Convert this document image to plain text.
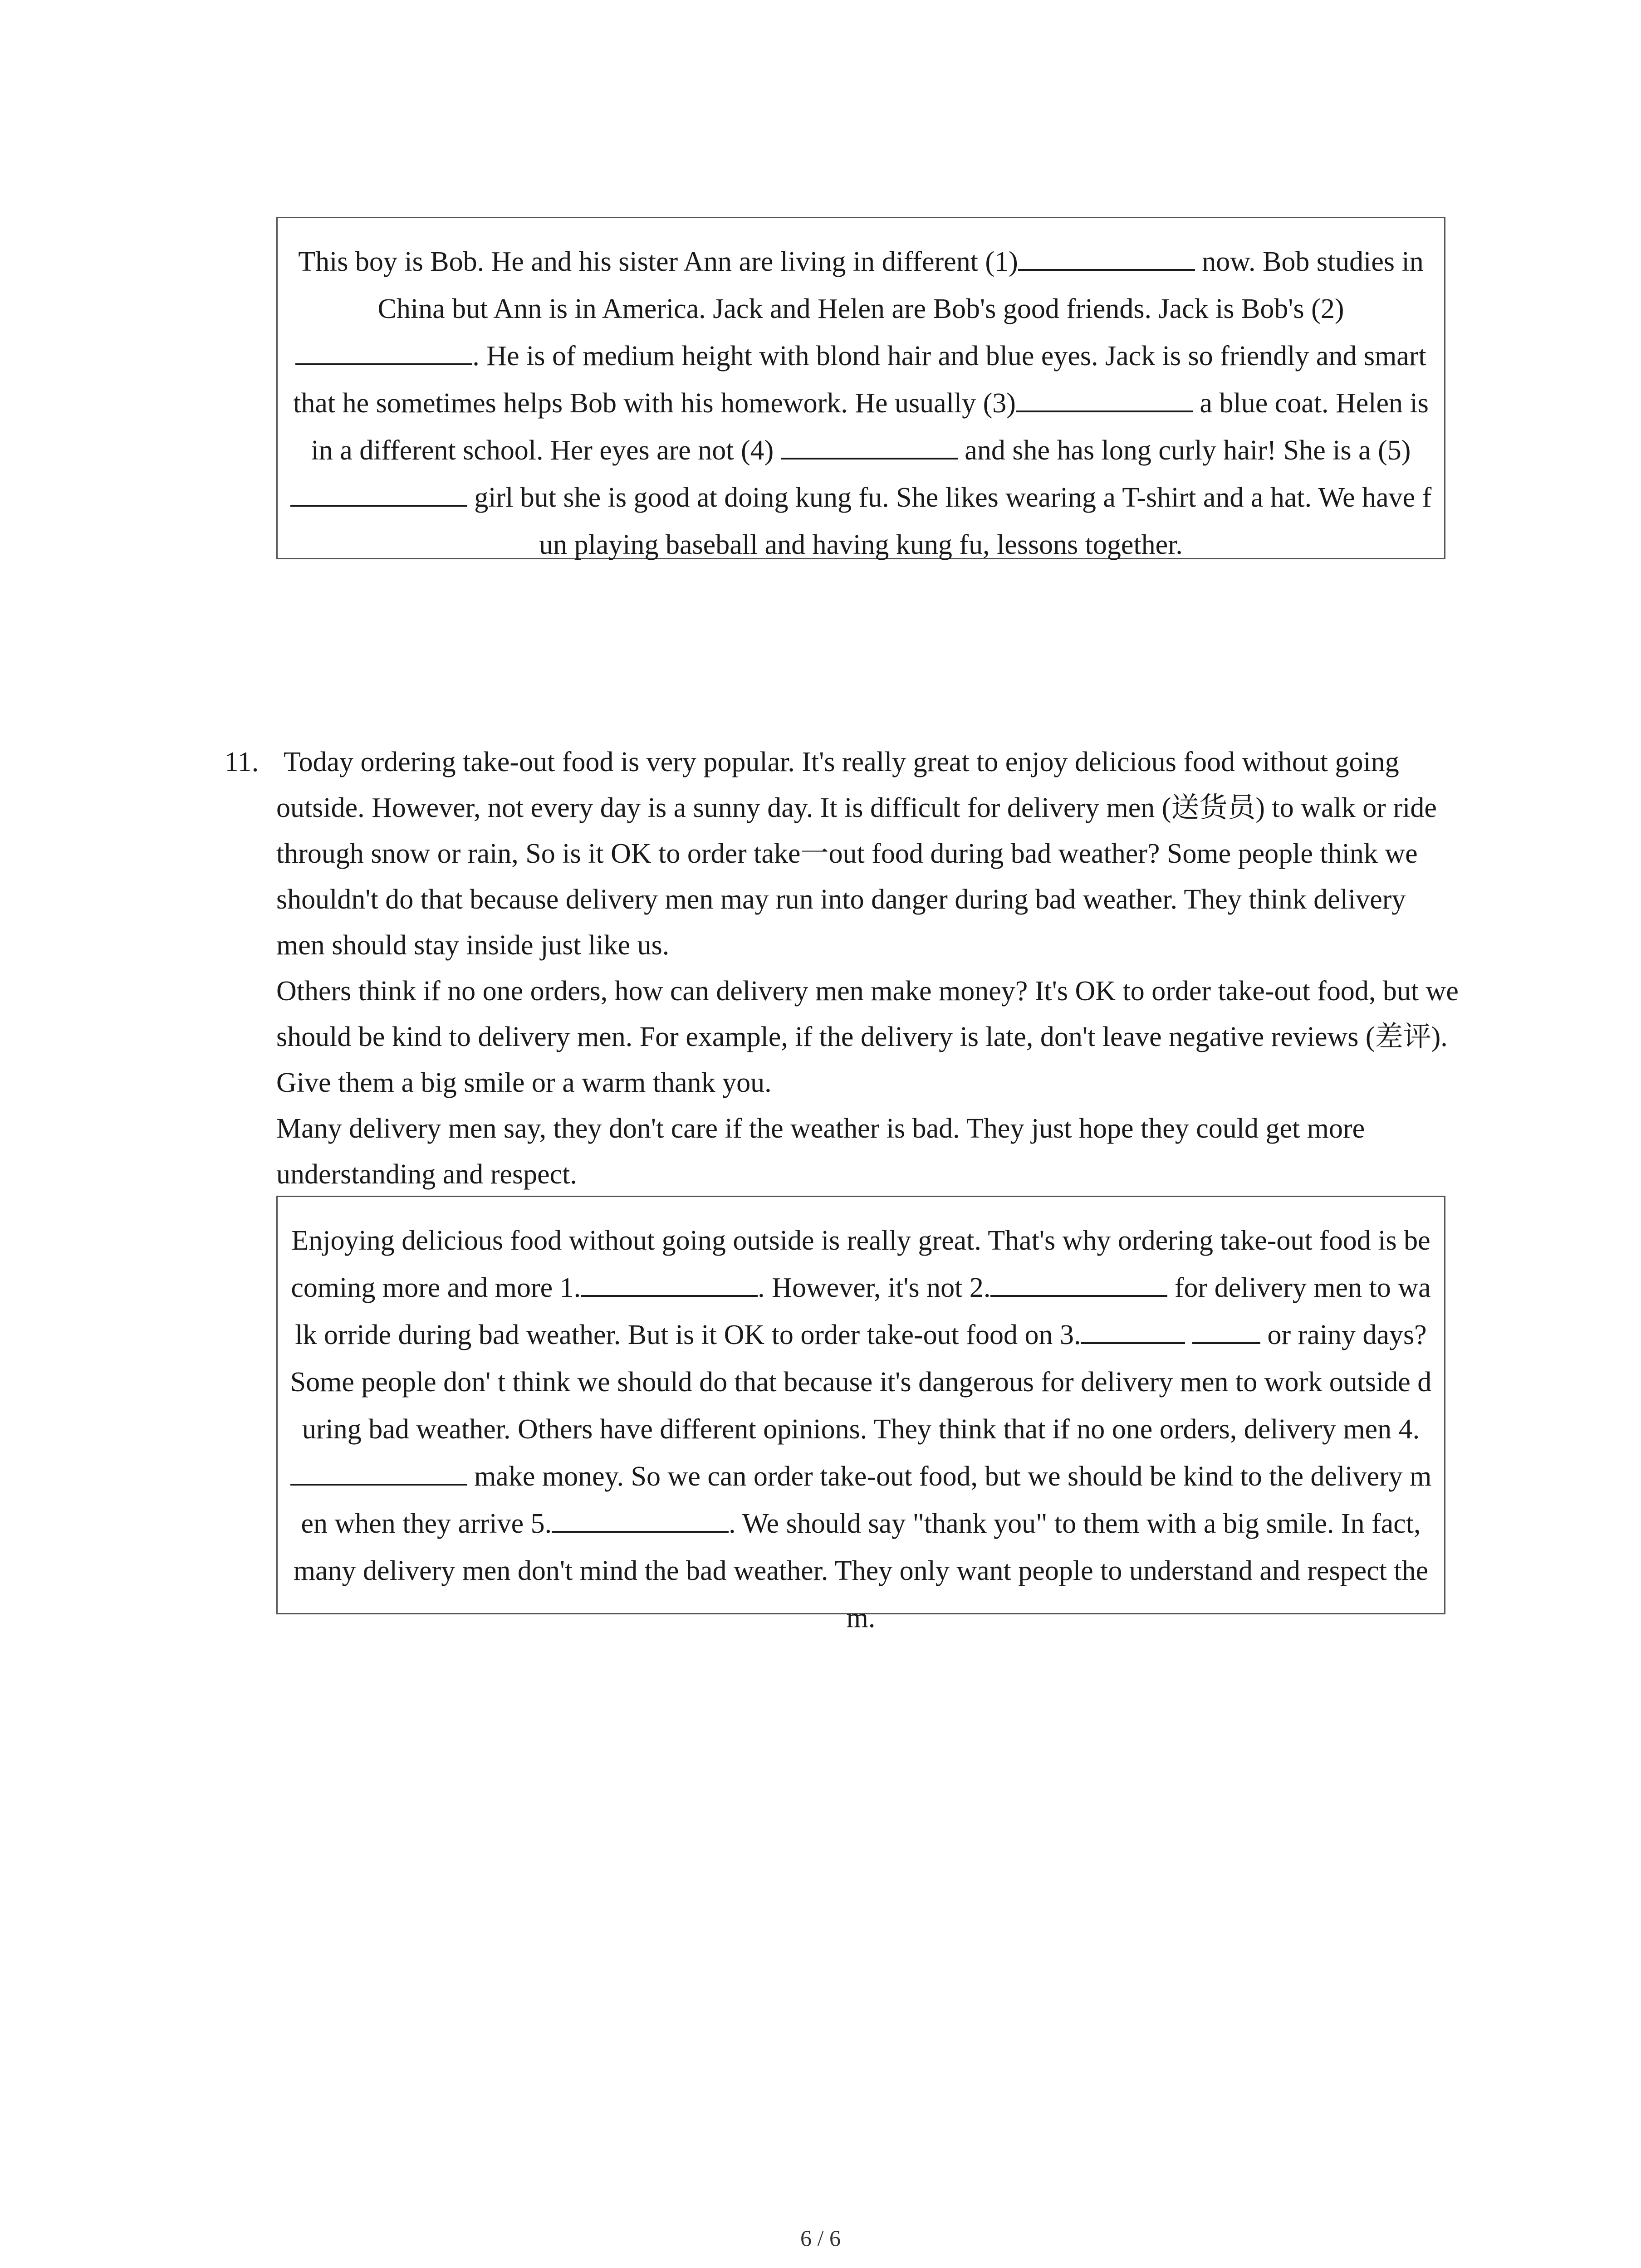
This boy is Bob. He and his sister Ann are living in different (1)	now. Bob studies in China but Ann is in America. Jack and Helen are Bob's good friends. Jack is Bob's (2) . He is of medium height with blond hair and blue eyes. Jack is so friendly and smart that he sometimes helps Bob with his homework. He usually (3)	a blue coat. Helen is in a different school. Her eyes are not (4)	and she has long curly hair! She is a (5) girl but she is good at doing kung fu. She likes wearing a T-shirt and a hat. We have fun playing baseball and having kung fu, lessons together.
11. Today ordering take-out food is very popular. It's really great to enjoy delicious food without going outside. However, not every day is a sunny day. It is difficult for delivery men (送货员) to walk or ride through snow or rain, So is it OK to order take一out food during bad weather? Some people think we shouldn't do that because delivery men may run into danger during bad weather. They think delivery men should stay inside just like us.

Others think if no one orders, how can delivery men make money? It's OK to order take-out food, but we should be kind to delivery men. For example, if the delivery is late, don't leave negative reviews (差评). Give them a big smile or a warm thank you.

Many delivery men say, they don't care if the weather is bad. They just hope they could get more understanding and respect.

Enjoying delicious food without going outside is really great. That's why ordering take-out food is becoming more and more 1.	. However, it's not 2.	for delivery men to walk orride during bad weather. But is it OK to order take-out food on 3.	or rainy days?Some people don' t think we should do that because it's dangerous for delivery men to work outside during bad weather. Others have different opinions. They think that if no one orders, delivery men 4. make money. So we can order take-out food, but we should be kind to the delivery men when they arrive 5.	. We should say "thank you" to them with a big smile. In fact, many delivery men don't mind the bad weather. They only want people to understand and respect them.
6 / 6
